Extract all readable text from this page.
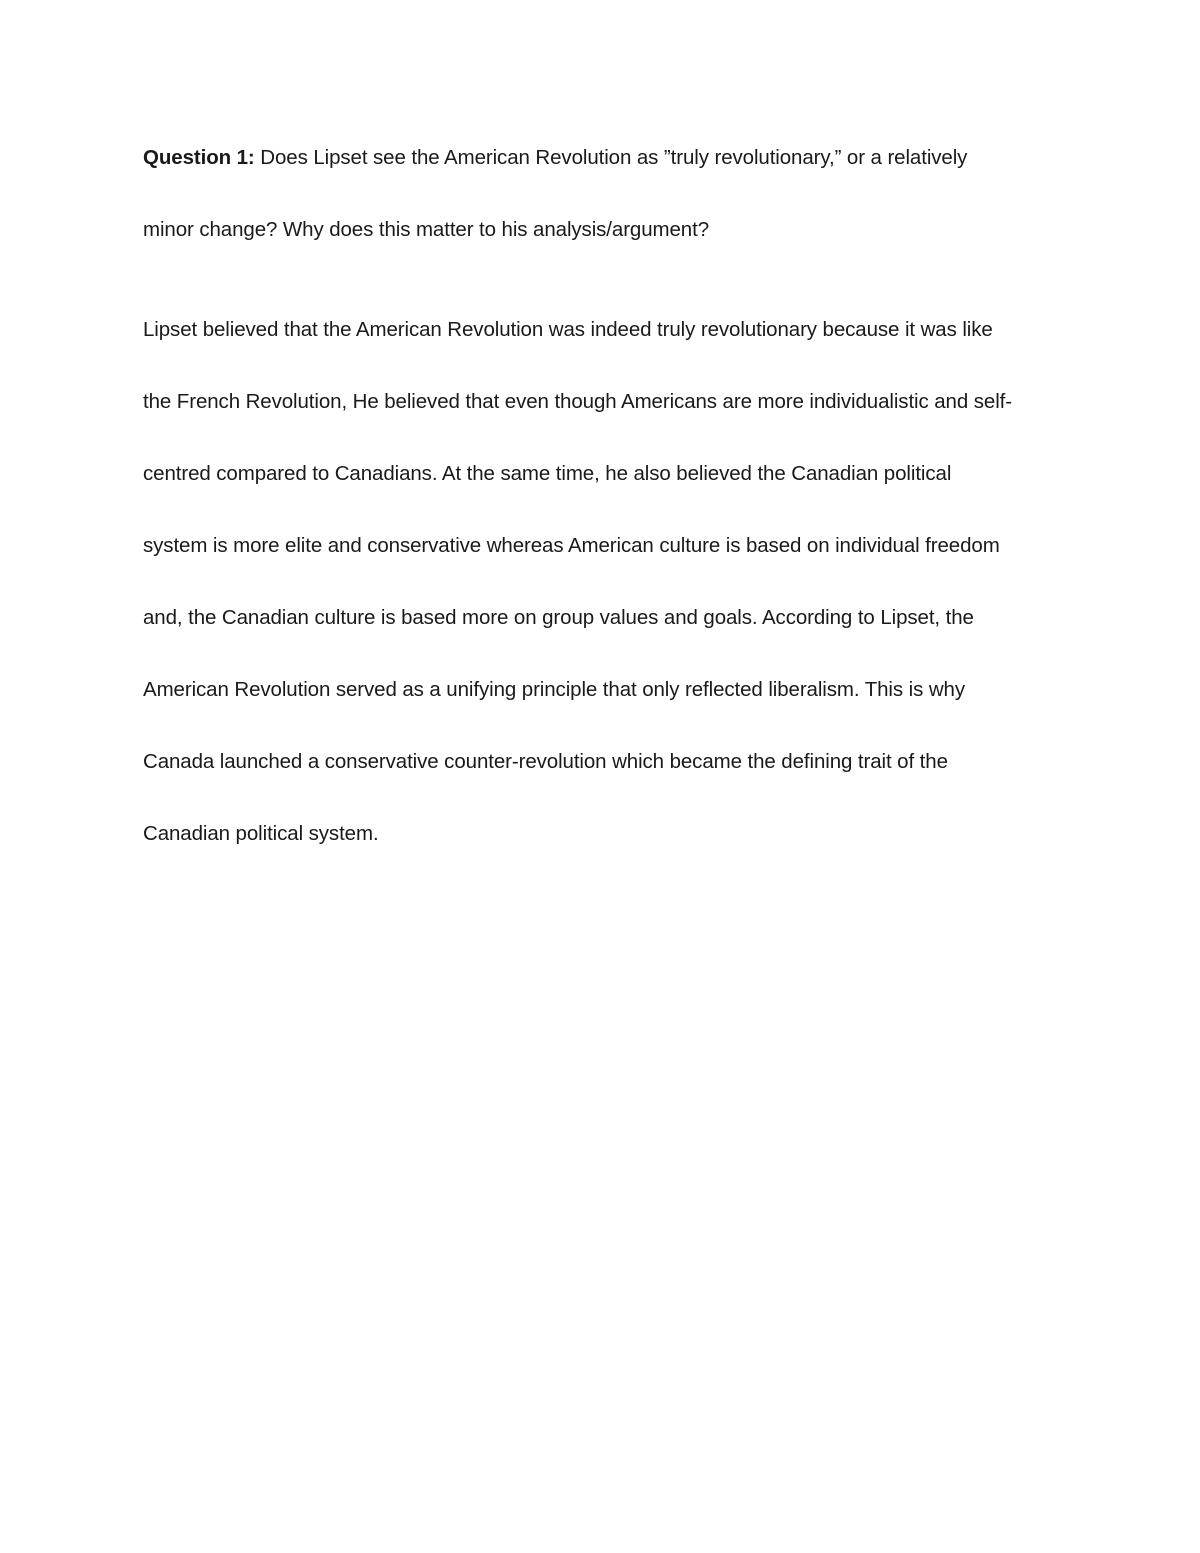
Question 1: Does Lipset see the American Revolution as ”truly revolutionary,” or a relatively

minor change? Why does this matter to his analysis/argument?

Lipset believed that the American Revolution was indeed truly revolutionary because it was like

the French Revolution, He believed that even though Americans are more individualistic and self-

centred compared to Canadians. At the same time, he also believed the Canadian political

system is more elite and conservative whereas American culture is based on individual freedom

and, the Canadian culture is based more on group values and goals. According to Lipset, the

American Revolution served as a unifying principle that only reflected liberalism. This is why

Canada launched a conservative counter-revolution which became the defining trait of the

Canadian political system.
